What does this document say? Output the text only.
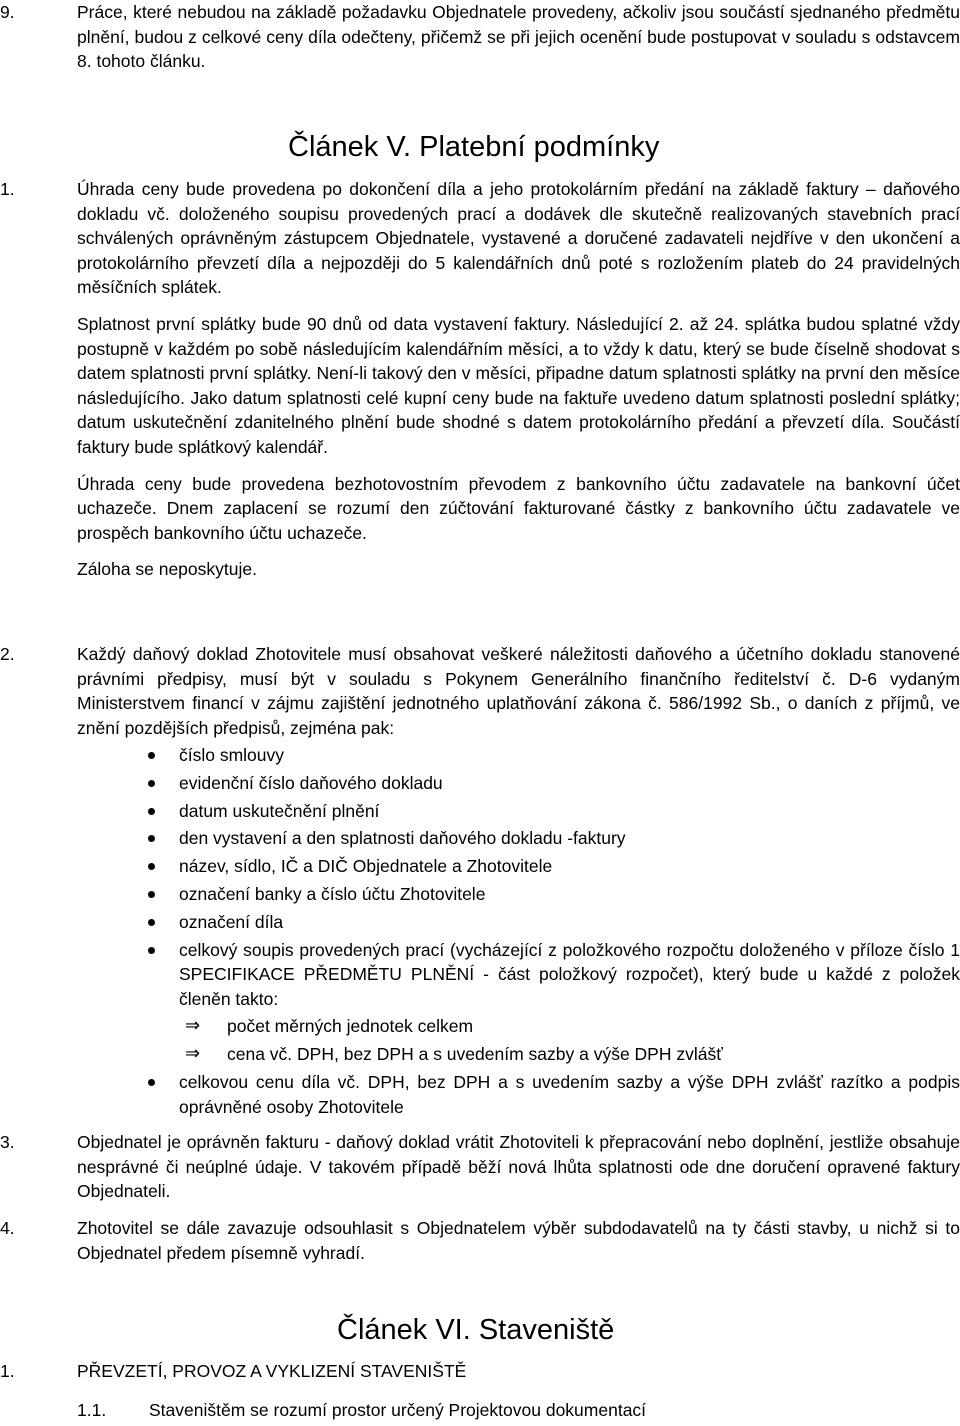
9.	Práce, které nebudou na základě požadavku Objednatele provedeny, ačkoliv jsou součástí sjednaného předmětu plnění, budou z celkové ceny díla odečteny, přičemž se při jejich ocenění bude postupovat v souladu s odstavcem 8. tohoto článku.
Článek V. Platební podmínky
1.	Úhrada ceny bude provedena po dokončení díla a jeho protokolárním předání na základě faktury – daňového dokladu vč. doloženého soupisu provedených prací a dodávek dle skutečně realizovaných stavebních prací schválených oprávněným zástupcem Objednatele, vystavené a doručené zadavateli nejdříve v den ukončení a protokolárního převzetí díla a nejpozději do 5 kalendářních dnů poté s rozložením plateb do 24 pravidelných měsíčních splátek.
Splatnost první splátky bude 90 dnů od data vystavení faktury. Následující 2. až 24. splátka budou splatné vždy postupně v každém po sobě následujícím kalendářním měsíci, a to vždy k datu, který se bude číselně shodovat s datem splatnosti první splátky. Není-li takový den v měsíci, připadne datum splatnosti splátky na první den měsíce následujícího. Jako datum splatnosti celé kupní ceny bude na faktuře uvedeno datum splatnosti poslední splátky; datum uskutečnění zdanitelného plnění bude shodné s datem protokolárního předání a převzetí díla. Součástí faktury bude splátkový kalendář.
Úhrada ceny bude provedena bezhotovostním převodem z bankovního účtu zadavatele na bankovní účet uchazeče. Dnem zaplacení se rozumí den zúčtování fakturované částky z bankovního účtu zadavatele ve prospěch bankovního účtu uchazeče.
Záloha se neposkytuje.
2.	Každý daňový doklad Zhotovitele musí obsahovat veškeré náležitosti daňového a účetního dokladu stanovené právními předpisy, musí být v souladu s Pokynem Generálního finančního ředitelství č. D-6 vydaným Ministerstvem financí v zájmu zajištění jednotného uplatňování zákona č. 586/1992 Sb., o daních z příjmů, ve znění pozdějších předpisů, zejména pak:
číslo smlouvy
evidenční číslo daňového dokladu
datum uskutečnění plnění
den vystavení a den splatnosti daňového dokladu -faktury
název, sídlo, IČ a DIČ Objednatele a Zhotovitele
označení banky a číslo účtu Zhotovitele
označení díla
celkový soupis provedených prací (vycházející z položkového rozpočtu doloženého v příloze číslo 1 SPECIFIKACE PŘEDMĚTU PLNĚNÍ - část položkový rozpočet), který bude u každé z položek členěn takto:
⇒ počet měrných jednotek celkem
⇒ cena vč. DPH, bez DPH a s uvedením sazby a výše DPH zvlášť
celkovou cenu díla vč. DPH, bez DPH a s uvedením sazby a výše DPH zvlášť razítko a podpis oprávněné osoby Zhotovitele
3.	Objednatel je oprávněn fakturu - daňový doklad vrátit Zhotoviteli k přepracování nebo doplnění, jestliže obsahuje nesprávné či neúplné údaje. V takovém případě běží nová lhůta splatnosti ode dne doručení opravené faktury Objednateli.
4.	Zhotovitel se dále zavazuje odsouhlasit s Objednatelem výběr subdodavatelů na ty části stavby, u nichž si to Objednatel předem písemně vyhradí.
Článek VI. Staveniště
1.	PŘEVZETÍ, PROVOZ A VYKLIZENÍ STAVENIŠTĚ
1.1. Staveništěm se rozumí prostor určený Projektovou dokumentací
